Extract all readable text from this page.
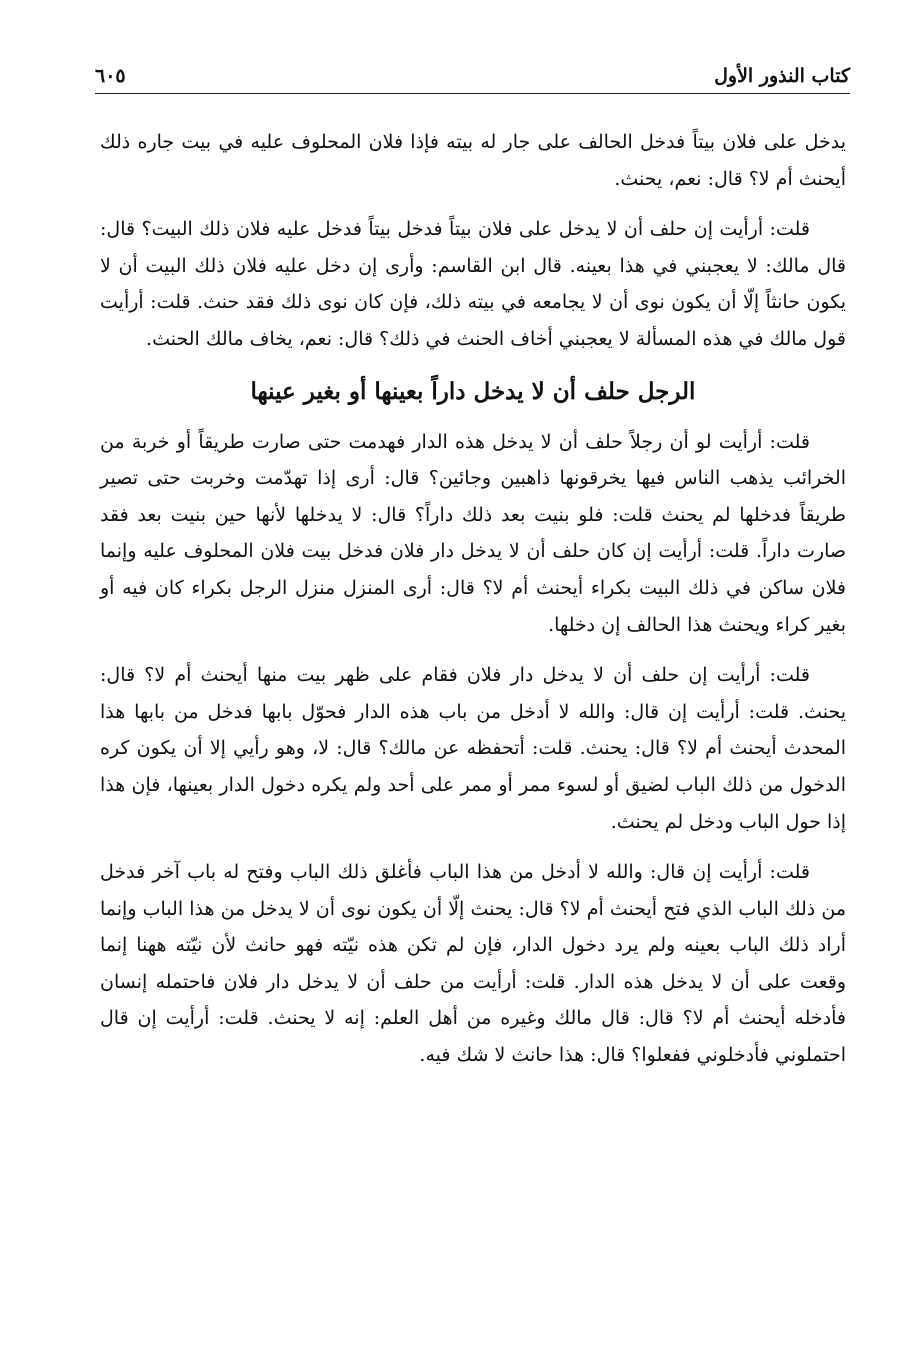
كتاب النذور الأول
٦٠٥

يدخل على فلان بيتاً فدخل الحالف على جار له بيته فإذا فلان المحلوف عليه في بيت جاره ذلك أيحنث أم لا؟ قال: نعم، يحنث.

قلت: أرأيت إن حلف أن لا يدخل على فلان بيتاً فدخل بيتاً فدخل عليه فلان ذلك البيت؟ قال: قال مالك: لا يعجبني في هذا بعينه. قال ابن القاسم: وأرى إن دخل عليه فلان ذلك البيت أن لا يكون حانثاً إلّا أن يكون نوى أن لا يجامعه في بيته ذلك، فإن كان نوى ذلك فقد حنث. قلت: أرأيت قول مالك في هذه المسألة لا يعجبني أخاف الحنث في ذلك؟ قال: نعم، يخاف مالك الحنث.

الرجل حلف أن لا يدخل داراً بعينها أو بغير عينها

قلت: أرأيت لو أن رجلاً حلف أن لا يدخل هذه الدار فهدمت حتى صارت طريقاً أو خربة من الخرائب يذهب الناس فيها يخرقونها ذاهبين وجائين؟ قال: أرى إذا تهدّمت وخربت حتى تصير طريقاً فدخلها لم يحنث قلت: فلو بنيت بعد ذلك داراً؟ قال: لا يدخلها لأنها حين بنيت بعد فقد صارت داراً. قلت: أرأيت إن كان حلف أن لا يدخل دار فلان فدخل بيت فلان المحلوف عليه وإنما فلان ساكن في ذلك البيت بكراء أيحنث أم لا؟ قال: أرى المنزل منزل الرجل بكراء كان فيه أو بغير كراء ويحنث هذا الحالف إن دخلها.

قلت: أرأيت إن حلف أن لا يدخل دار فلان فقام على ظهر بيت منها أيحنث أم لا؟ قال: يحنث. قلت: أرأيت إن قال: والله لا أدخل من باب هذه الدار فحوّل بابها فدخل من بابها هذا المحدث أيحنث أم لا؟ قال: يحنث. قلت: أتحفظه عن مالك؟ قال: لا، وهو رأيي إلا أن يكون كره الدخول من ذلك الباب لضيق أو لسوء ممر أو ممر على أحد ولم يكره دخول الدار بعينها، فإن هذا إذا حول الباب ودخل لم يحنث.

قلت: أرأيت إن قال: والله لا أدخل من هذا الباب فأغلق ذلك الباب وفتح له باب آخر فدخل من ذلك الباب الذي فتح أيحنث أم لا؟ قال: يحنث إلّا أن يكون نوى أن لا يدخل من هذا الباب وإنما أراد ذلك الباب بعينه ولم يرد دخول الدار، فإن لم تكن هذه نيّته فهو حانث لأن نيّته ههنا إنما وقعت على أن لا يدخل هذه الدار. قلت: أرأيت من حلف أن لا يدخل دار فلان فاحتمله إنسان فأدخله أيحنث أم لا؟ قال: قال مالك وغيره من أهل العلم: إنه لا يحنث. قلت: أرأيت إن قال احتملوني فأدخلوني ففعلوا؟ قال: هذا حانث لا شك فيه.
